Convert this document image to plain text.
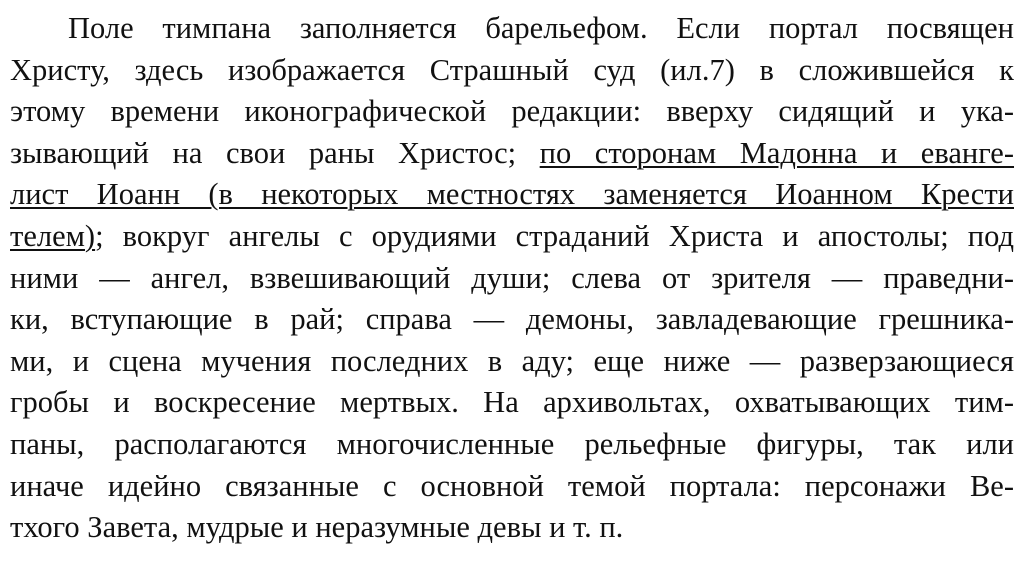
Поле тимпана заполняется барельефом. Если портал посвящен
Христу, здесь изображается Страшный суд (ил.7) в сложившейся к
этому времени иконографической редакции: вверху сидящий и ука-
зывающий на свои раны Христос; по сторонам Мадонна и еванге-
лист Иоанн (в некоторых местностях заменяется Иоанном Крести
телем); вокруг ангелы с орудиями страданий Христа и апостолы; под
ними — ангел, взвешивающий души; слева от зрителя — праведни-
ки, вступающие в рай; справа — демоны, завладевающие грешника-
ми, и сцена мучения последних в аду; еще ниже — разверзающиеся
гробы и воскресение мертвых. На архивольтах, охватывающих тим-
паны, располагаются многочисленные рельефные фигуры, так или
иначе идейно связанные с основной темой портала: персонажи Ве-
тхого Завета, мудрые и неразумные девы и т. п.
